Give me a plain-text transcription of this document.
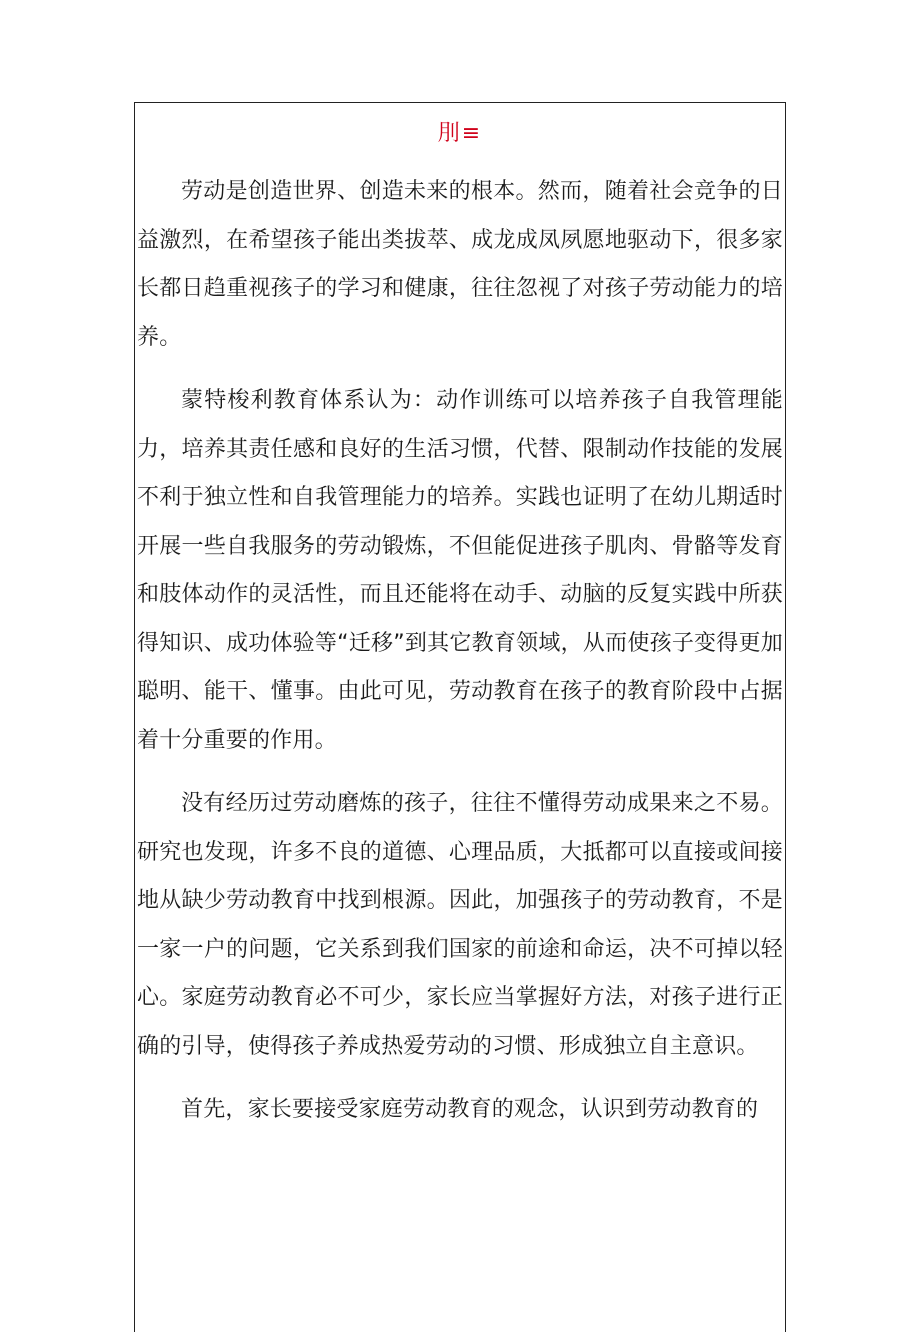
刖≡

劳动是创造世界、创造未来的根本。然而，随着社会竞争的日益激烈，在希望孩子能出类拔萃、成龙成凤夙愿地驱动下，很多家长都日趋重视孩子的学习和健康，往往忽视了对孩子劳动能力的培养。

蒙特梭利教育体系认为：动作训练可以培养孩子自我管理能力，培养其责任感和良好的生活习惯，代替、限制动作技能的发展不利于独立性和自我管理能力的培养。实践也证明了在幼儿期适时开展一些自我服务的劳动锻炼，不但能促进孩子肌肉、骨骼等发育和肢体动作的灵活性，而且还能将在动手、动脑的反复实践中所获得知识、成功体验等“迁移”到其它教育领域，从而使孩子变得更加聪明、能干、懂事。由此可见，劳动教育在孩子的教育阶段中占据着十分重要的作用。

没有经历过劳动磨炼的孩子，往往不懂得劳动成果来之不易。研究也发现，许多不良的道德、心理品质，大抵都可以直接或间接地从缺少劳动教育中找到根源。因此，加强孩子的劳动教育，不是一家一户的问题，它关系到我们国家的前途和命运，决不可掉以轻心。家庭劳动教育必不可少，家长应当掌握好方法，对孩子进行正确的引导，使得孩子养成热爱劳动的习惯、形成独立自主意识。

首先，家长要接受家庭劳动教育的观念，认识到劳动教育的
